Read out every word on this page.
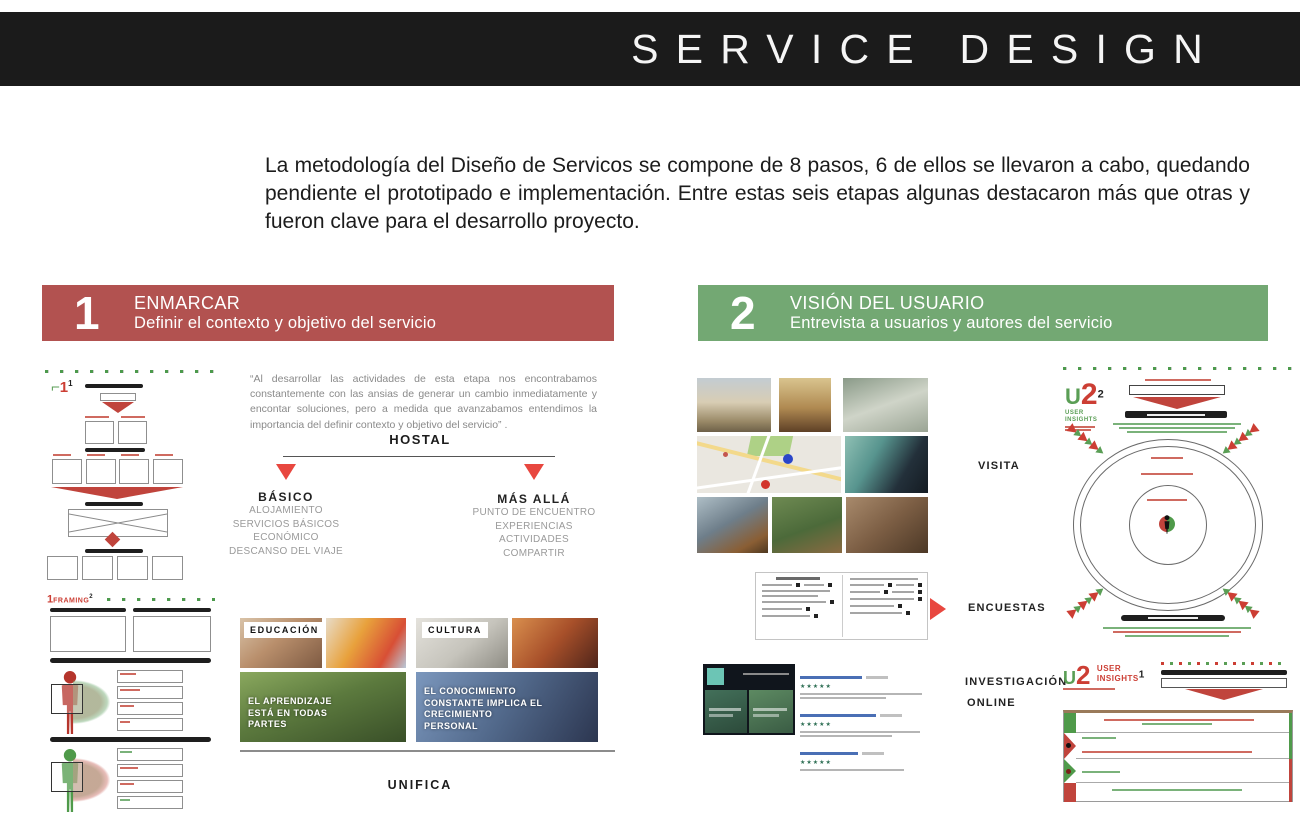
SERVICE DESIGN

La metodología del Diseño de Servicos se compone de 8 pasos, 6 de ellos se llevaron a cabo, quedando pendiente el prototipado e implementación. Entre estas seis etapas algunas destacaron más que otras y fueron clave para el desarrollo proyecto.

1	ENMARCAR
Definir el contexto y objetivo del servicio
$⌐1^1$
1FRAMING$^2$

“Al desarrollar las actividades de esta etapa nos encontrabamos constantemente con las ansias de generar un cambio inmediatamente y encontar soluciones, pero a medida que avanzabamos entendimos la importancia del definir contexto y objetivo del servicio” .

HOSTAL
BÁSICO
ALOJAMIENTO
SERVICIOS BÁSICOS
ECONÓMICO
DESCANSO DEL VIAJE
MÁS ALLÁ
PUNTO DE ENCUENTRO
EXPERIENCIAS
ACTIVIDADES
COMPARTIR
EDUCACIÓN
EL APRENDIZAJE ESTÁ EN TODAS PARTES
CULTURA
EL CONOCIMIENTO CONSTANTE IMPLICA EL CRECIMIENTO PERSONAL
UNIFICA
2	VISIÓN DEL USUARIO
Entrevista a usuarios y autores del servicio
VISITA
ENCUESTAS
★★★★★
★★★★★
★★★★★
INVESTIGACIÓN
ONLINE
$U2^2$
USER
INSIGHTS
U2 USER
INSIGHTS $^1$
